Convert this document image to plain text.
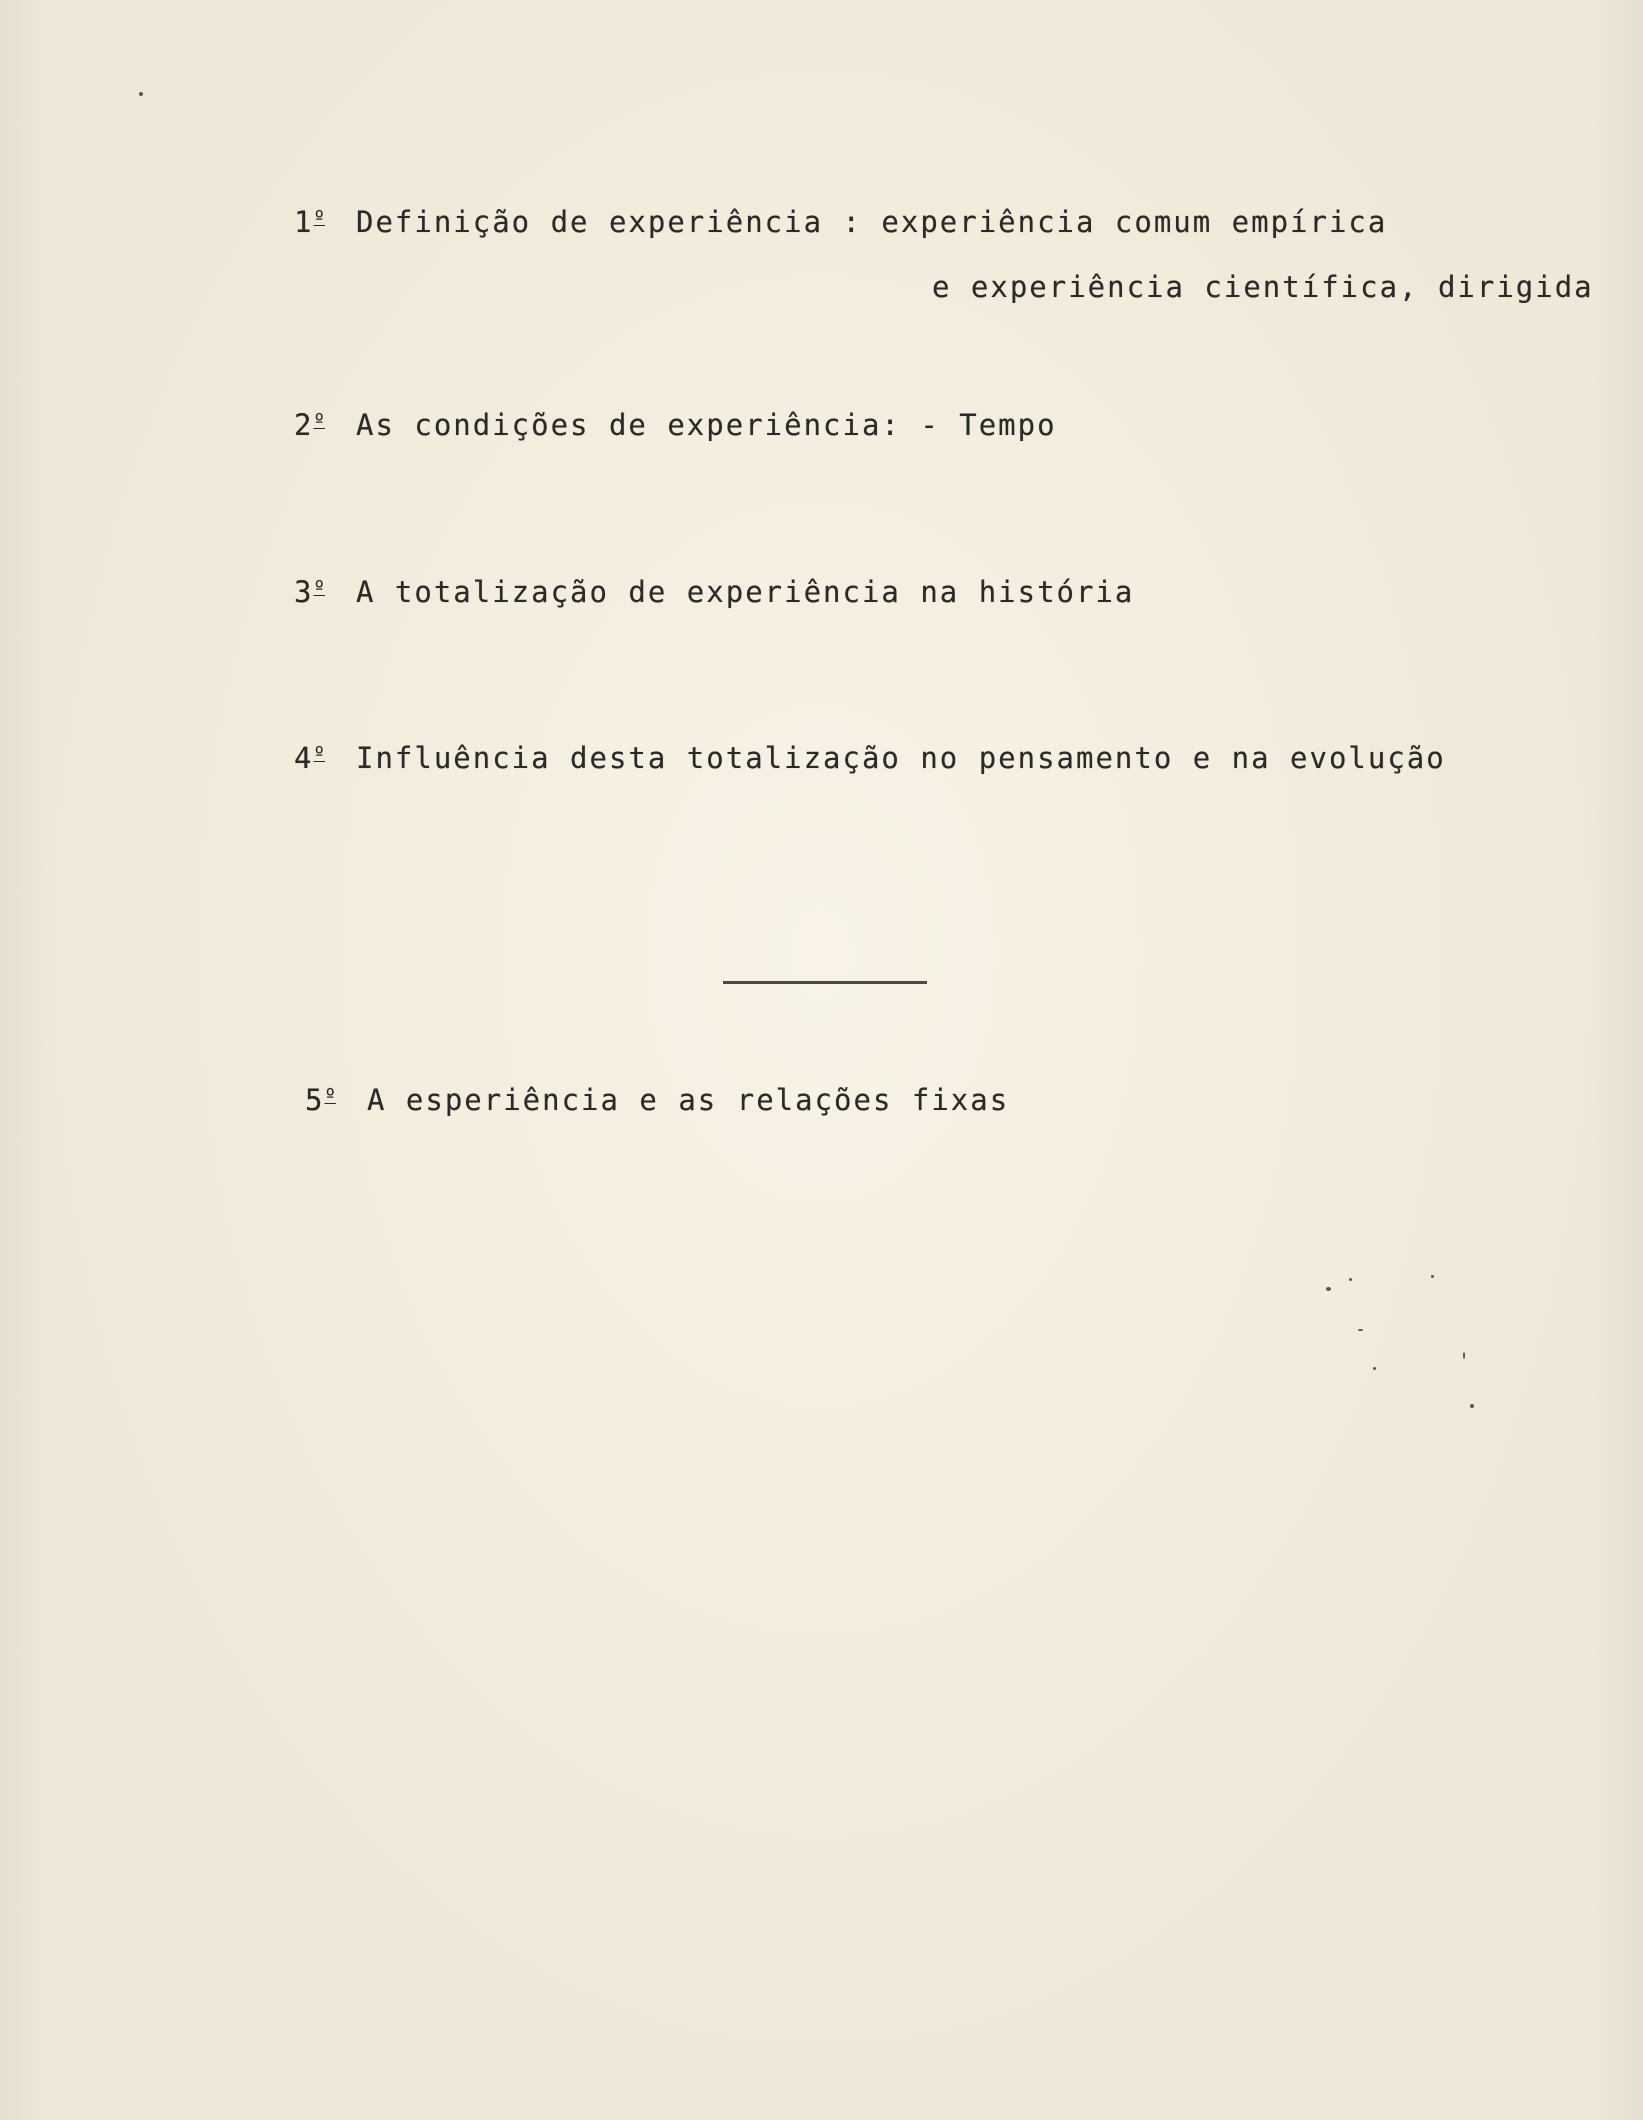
$1^º$ Definição de experiência : experiência comum empírica

e experiência científica, dirigida

$2^º$ As condições de experiência: - Tempo

$3^º$ A totalização de experiência na história

$4^º$ Influência desta totalização no pensamento e na evolução

$5^º$ A esperiência e as relações fixas
